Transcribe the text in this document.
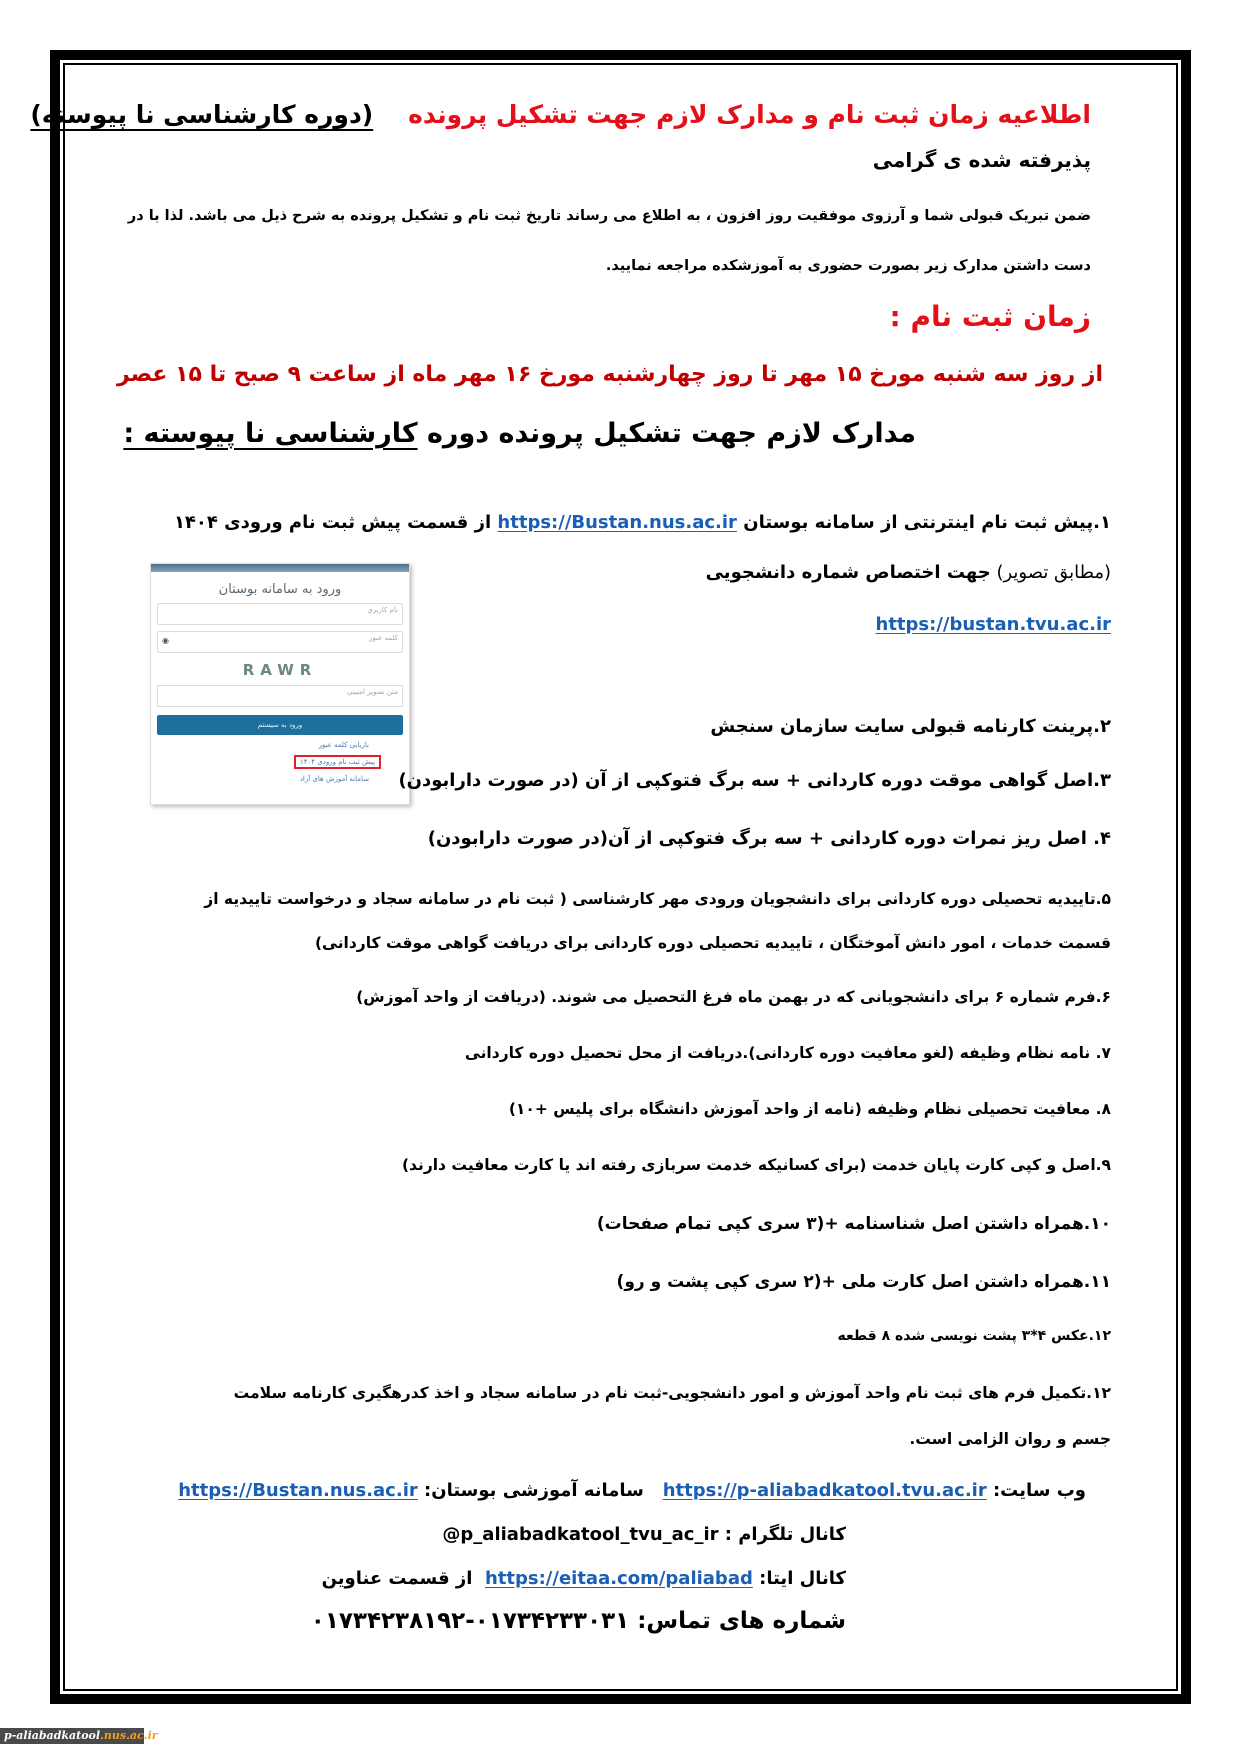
اطلاعیه زمان ثبت نام و مدارک لازم جهت تشکیل پرونده    (دوره کارشناسی نا پیوسته)
پذیرفته شده ی گرامی
ضمن تبریک قبولی شما و آرزوی موفقیت روز افزون ، به اطلاع می رساند تاریخ ثبت نام و تشکیل پرونده به شرح ذیل می باشد. لذا با در
دست داشتن مدارک زیر بصورت حضوری به آموزشکده مراجعه نمایید.
زمان ثبت نام :
از روز سه شنبه مورخ ۱۵ مهر تا روز چهارشنبه مورخ ۱۶ مهر ماه از ساعت ۹ صبح تا ۱۵ عصر
مدارک لازم جهت تشکیل پرونده دوره کارشناسی نا پیوسته :
۱.پیش ثبت نام اینترنتی از سامانه بوستان https://Bustan.nus.ac.ir از قسمت پیش ثبت نام ورودی ۱۴۰۴
(مطابق تصویر) جهت اختصاص شماره دانشجویی
https://bustan.tvu.ac.ir
ورود به سامانه بوستان
نام کاربری
کلمه عبور
◉
RAWR
متن تصویر امنیتی
ورود به سیستم
بازیابی کلمه عبور
پیش ثبت نام ورودی ۱۴۰۴
سامانه آموزش های آزاد
۲.پرینت کارنامه قبولی سایت سازمان سنجش
۳.اصل گواهی موقت دوره کاردانی + سه برگ فتوکپی از آن (در صورت دارابودن)
۴. اصل ریز نمرات دوره کاردانی + سه برگ فتوکپی از آن(در صورت دارابودن)
۵.تاییدیه تحصیلی دوره کاردانی برای دانشجویان ورودی مهر کارشناسی ( ثبت نام در سامانه سجاد و درخواست تاییدیه از
قسمت خدمات ، امور دانش آموختگان ، تاییدیه تحصیلی دوره کاردانی برای دریافت گواهی موقت کاردانی)
۶.فرم شماره ۶ برای دانشجویانی که در بهمن ماه فرغ التحصیل می شوند. (دریافت از واحد آموزش)
۷. نامه نظام وظیفه (لغو معافیت دوره کاردانی).دریافت از محل تحصیل دوره کاردانی
۸. معافیت تحصیلی نظام وظیفه (نامه از واحد آموزش دانشگاه برای پلیس +۱۰)
۹.اصل و کپی کارت پایان خدمت (برای کسانیکه خدمت سربازی رفته اند یا کارت معافیت دارند)
۱۰.همراه داشتن اصل شناسنامه +(۳ سری کپی تمام صفحات)
۱۱.همراه داشتن اصل کارت ملی +(۲ سری کپی پشت و رو)
۱۲.عکس ۴*۳ پشت نویسی شده ۸ قطعه
۱۲.تکمیل فرم های ثبت نام واحد آموزش و امور دانشجویی-ثبت نام در سامانه سجاد و اخذ کدرهگیری کارنامه سلامت
جسم و روان الزامی است.
وب سایت: https://p-aliabadkatool.tvu.ac.ir   سامانه آموزشی بوستان: https://Bustan.nus.ac.ir
کانال تلگرام : @p_aliabadkatool_tvu_ac_ir
کانال ایتا: https://eitaa.com/paliabad  از قسمت عناوین
شماره های تماس: ۰۱۷۳۴۲۳۳۰۳۱-۰۱۷۳۴۲۳۸۱۹۲
p-aliabadkatool.nus.ac.ir
